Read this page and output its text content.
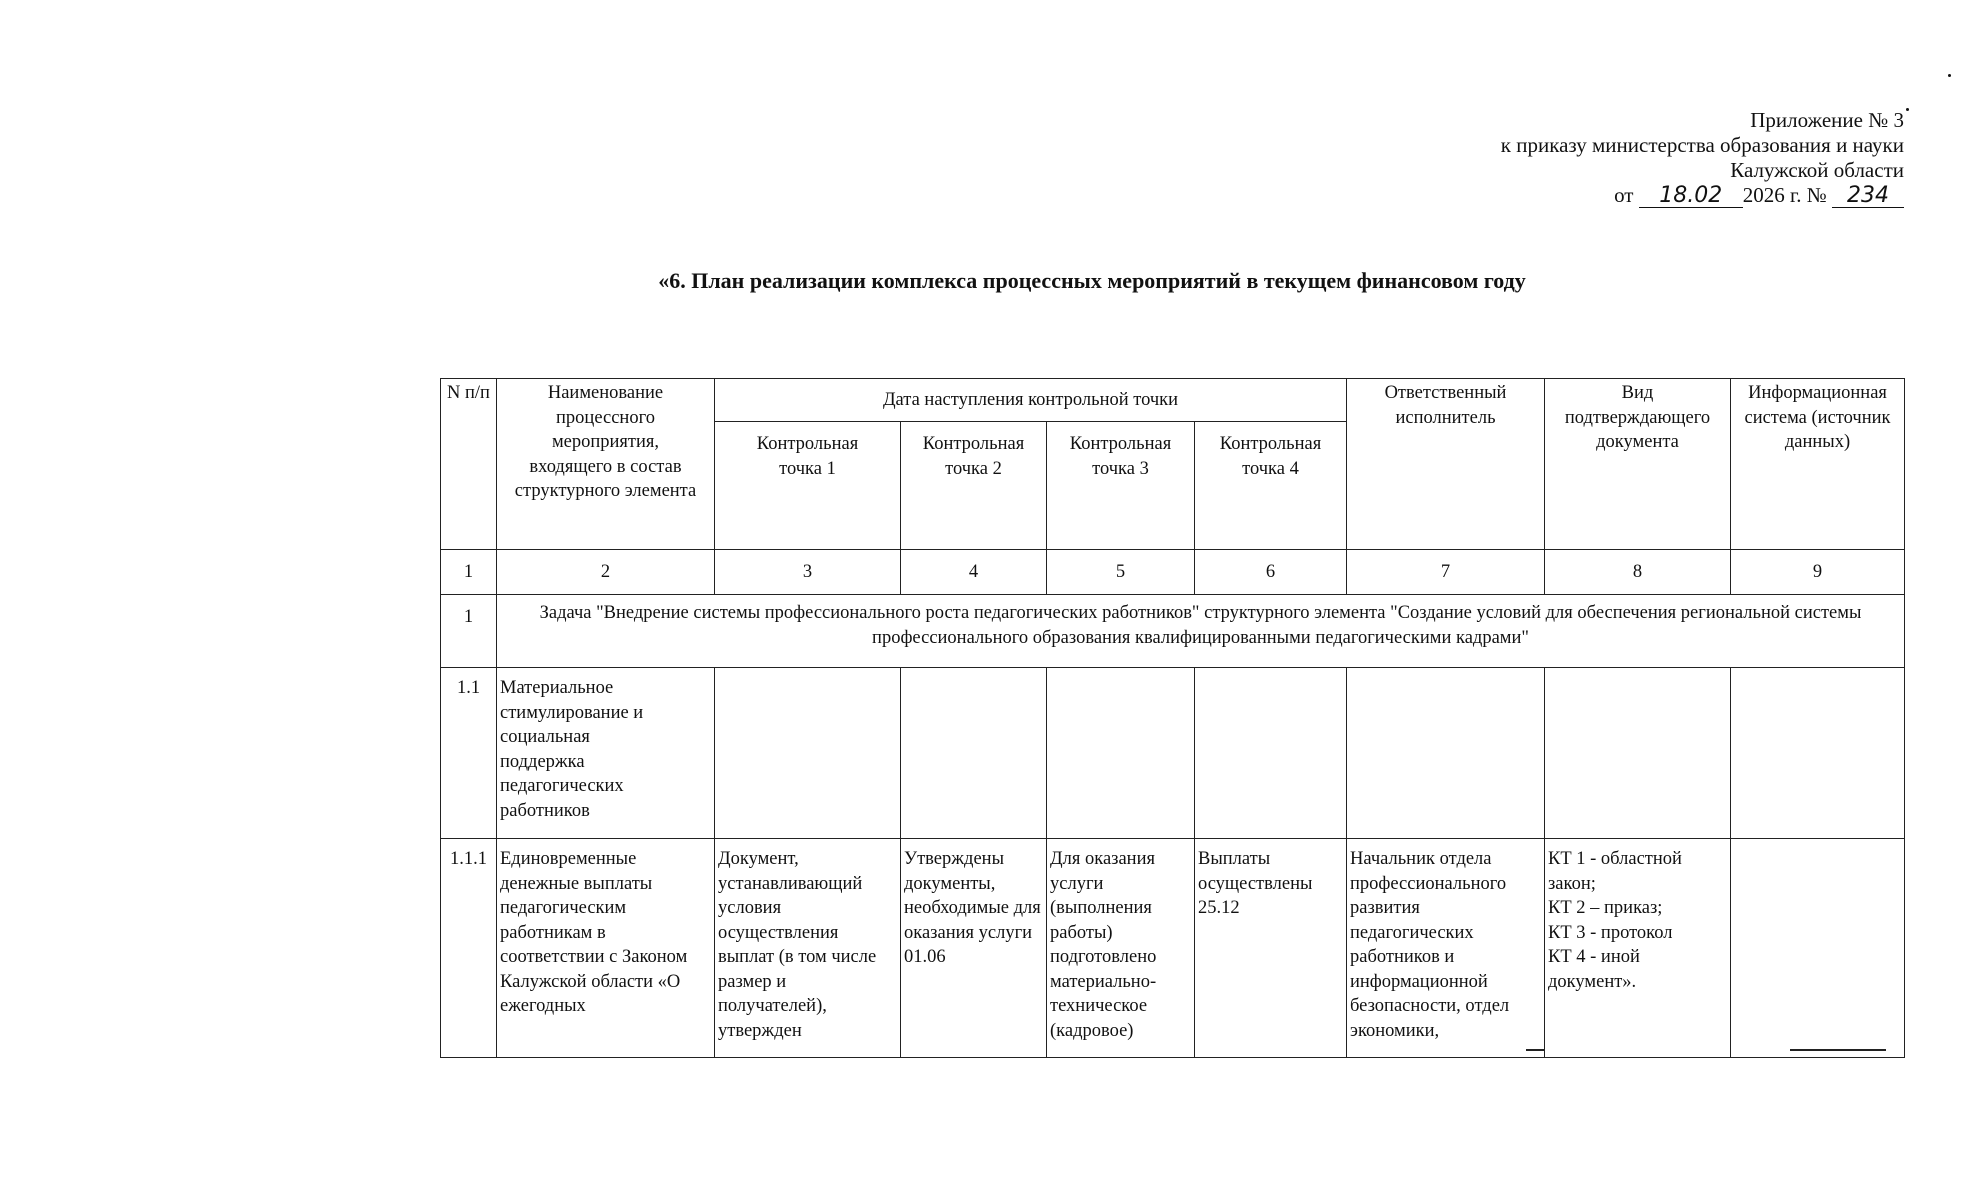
Приложение № 3
к приказу министерства образования и науки
Калужской области
от 18.02 2026 г. № 234
«6. План реализации комплекса процессных мероприятий в текущем финансовом году
N п/п	Наименование процессного мероприятия, входящего в состав структурного элемента	Дата наступления контрольной точки				Ответственный исполнитель	Вид подтверждающего документа	Информационная система (источник данных)
		Контрольная точка 1	Контрольная точка 2	Контрольная точка 3	Контрольная точка 4			
1	2	3	4	5	6	7	8	9
1	Задача "Внедрение системы профессионального роста педагогических работников" структурного элемента "Создание условий для обеспечения региональной системы профессионального образования квалифицированными педагогическими кадрами"							
1.1	Материальное стимулирование и социальная поддержка педагогических работников							
1.1.1	Единовременные денежные выплаты педагогическим работникам в соответствии с Законом Калужской области «О ежегодных	Документ, устанавливающий условия осуществления выплат (в том числе размер и получателей), утвержден	Утверждены документы, необходимые для оказания услуги 01.06	Для оказания услуги (выполнения работы) подготовлено материально-техническое (кадровое)	Выплаты осуществлены 25.12	Начальник отдела профессионального развития педагогических работников и информационной безопасности, отдел экономики,	КТ 1 - областной закон;
КТ 2 – приказ;
КТ 3 - протокол
КТ 4 - иной документ».	
